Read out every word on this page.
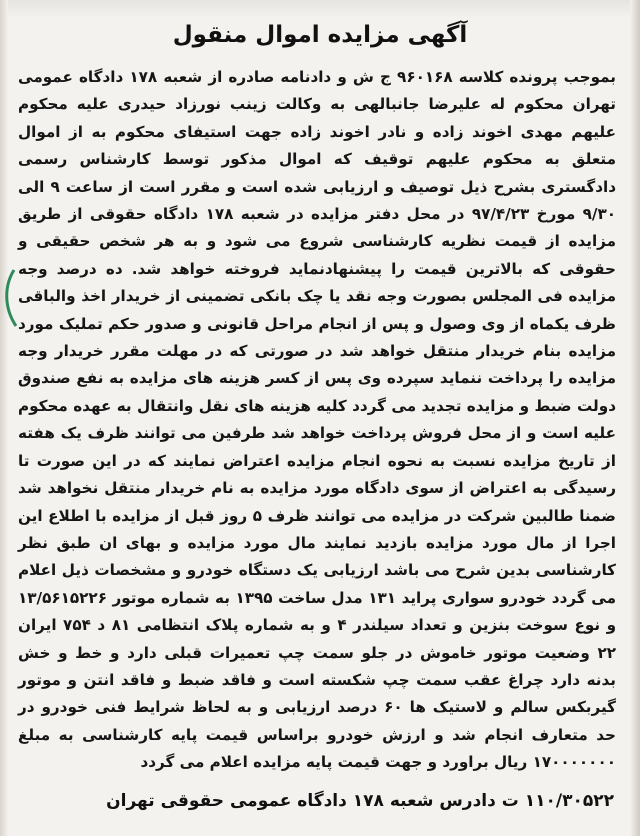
آگهی مزایده اموال منقول
بموجب پرونده کلاسه ۹۶۰۱۶۸ ج ش و دادنامه صادره از شعبه ۱۷۸ دادگاه عمومی تهران محکوم له علیرضا جانبالهی به وکالت زینب نورزاد حیدری علیه محکوم علیهم مهدی اخوند زاده و نادر اخوند زاده جهت استیفای محکوم به از اموال متعلق به محکوم علیهم توقیف که اموال مذکور توسط کارشناس رسمی دادگستری بشرح ذیل توصیف و ارزیابی شده است و مقرر است از ساعت ۹ الی ۹/۳۰ مورخ ۹۷/۴/۲۳ در محل دفتر مزایده در شعبه ۱۷۸ دادگاه حقوقی از طریق مزایده از قیمت نظریه کارشناسی شروع می شود و به هر شخص حقیقی و حقوقی که بالاترین قیمت را پیشنهادنماید فروخته خواهد شد. ده درصد وجه مزایده فی المجلس بصورت وجه نقد یا چک بانکی تضمینی از خریدار اخذ والباقی ظرف یکماه از وی وصول و پس از انجام مراحل قانونی و صدور حکم تملیک مورد مزایده بنام خریدار منتقل خواهد شد در صورتی که در مهلت مقرر خریدار وجه مزایده را پرداخت ننماید سپرده وی پس از کسر هزینه های مزایده به نفع صندوق دولت ضبط و مزایده تجدید می گردد کلیه هزینه های نقل وانتقال به عهده محکوم علیه است و از محل فروش پرداخت خواهد شد طرفین می توانند ظرف یک هفته از تاریخ مزایده نسبت به نحوه انجام مزایده اعتراض نمایند که در این صورت تا رسیدگی به اعتراض از سوی دادگاه مورد مزایده به نام خریدار منتقل نخواهد شد ضمنا طالبین شرکت در مزایده می توانند ظرف ۵ روز قبل از مزایده با اطلاع این اجرا از مال مورد مزایده بازدید نمایند مال مورد مزایده و بهای ان طبق نظر کارشناسی بدین شرح می باشد ارزیابی یک دستگاه خودرو و مشخصات ذیل اعلام می گردد خودرو سواری پراید ۱۳۱ مدل ساخت ۱۳۹۵ به شماره موتور ۱۳/۵۶۱۵۲۲۶ و نوع سوخت بنزین و تعداد سیلندر ۴ و به شماره پلاک انتظامی ۸۱ د ۷۵۴ ایران ۲۲ وضعیت موتور خاموش در جلو سمت چپ تعمیرات قبلی دارد و خط و خش بدنه دارد چراغ عقب سمت چپ شکسته است و فاقد ضبط و فاقد انتن و موتور گیربکس سالم و لاستیک ها ۶۰ درصد ارزیابی و به لحاظ شرایط فنی خودرو در حد متعارف انجام شد و ارزش خودرو براساس قیمت پایه کارشناسی به مبلغ ۱۷۰۰۰۰۰۰۰ ریال براورد و جهت قیمت پایه مزایده اعلام می گردد
۱۱۰/۳۰۵۲۲ ت دادرس شعبه ۱۷۸ دادگاه عمومی حقوقی تهران
